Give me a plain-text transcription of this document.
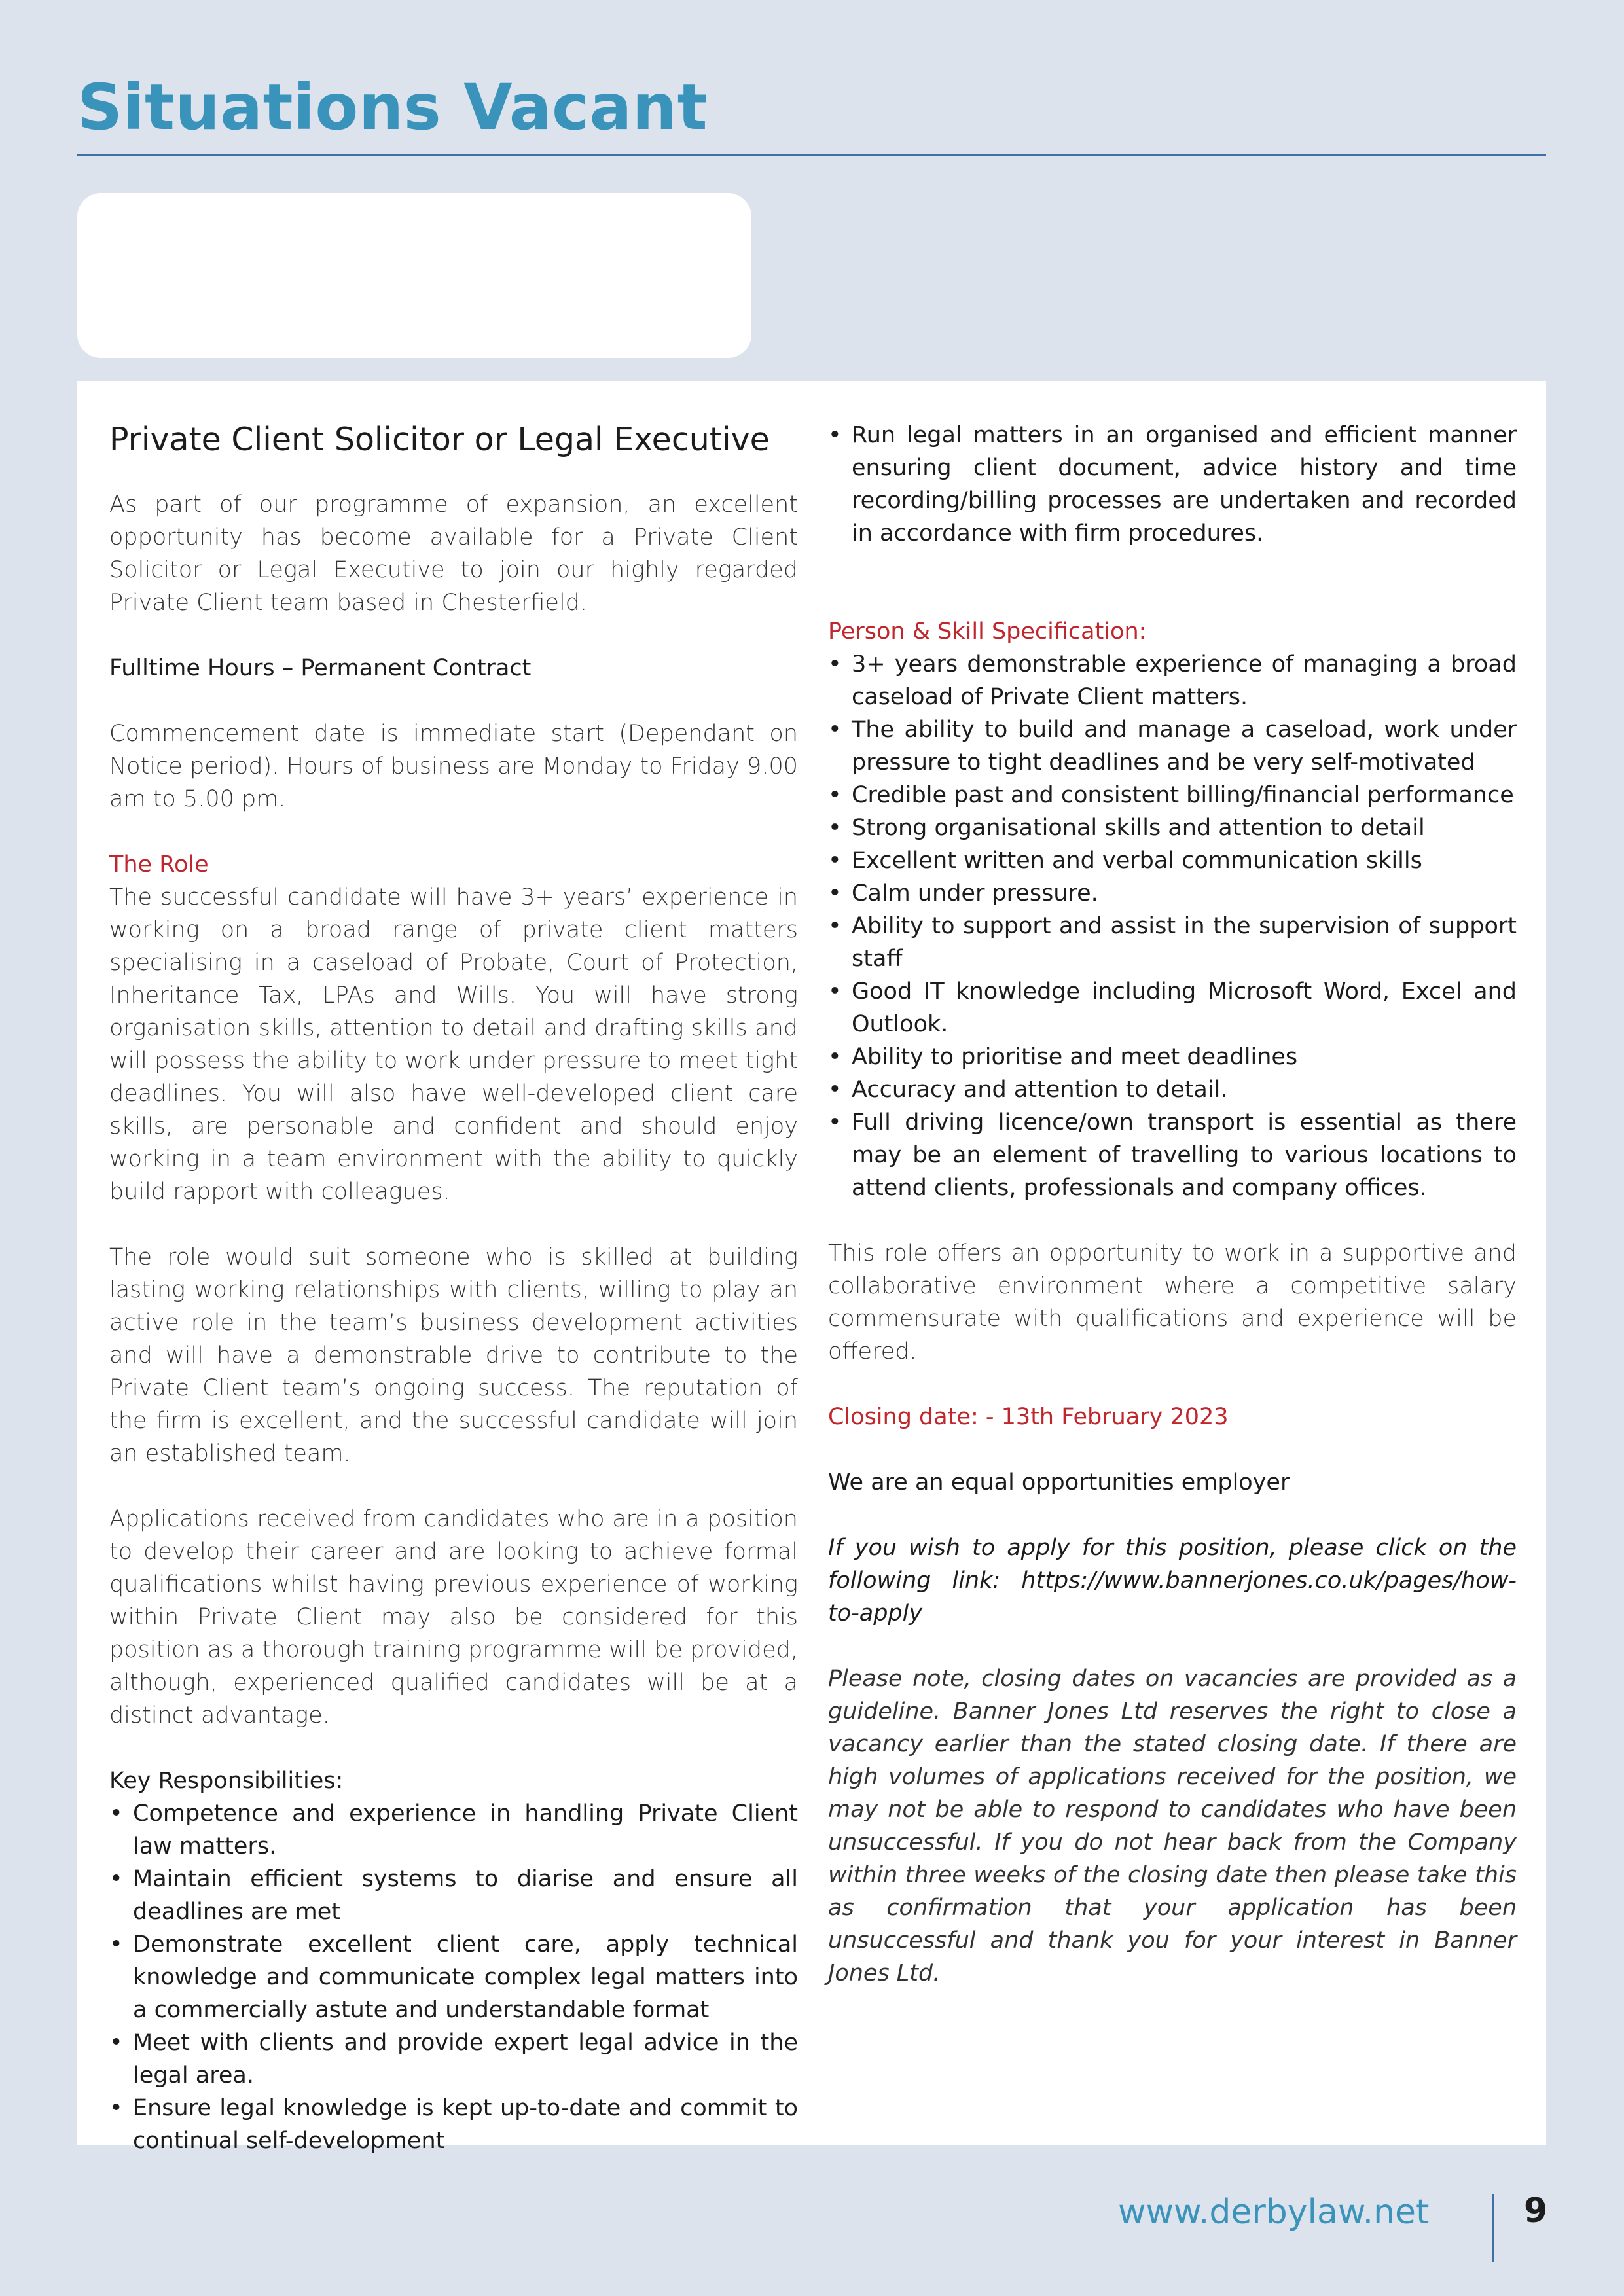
Situations Vacant
Private Client Solicitor or Legal Executive

As part of our programme of expansion, an excellent opportunity has become available for a Private Client Solicitor or Legal Executive to join our highly regarded Private Client team based in Chesterfield.

Fulltime Hours – Permanent Contract

Commencement date is immediate start (Dependant on Notice period). Hours of business are Monday to Friday 9.00 am to 5.00 pm.

The Role

The successful candidate will have 3+ years’ experience in working on a broad range of private client matters specialising in a caseload of Probate, Court of Protection, Inheritance Tax, LPAs and Wills. You will have strong organisation skills, attention to detail and drafting skills and will possess the ability to work under pressure to meet tight deadlines. You will also have well-developed client care skills, are personable and confident and should enjoy working in a team environment with the ability to quickly build rapport with colleagues.

The role would suit someone who is skilled at building lasting working relationships with clients, willing to play an active role in the team’s business development activities and will have a demonstrable drive to contribute to the Private Client team’s ongoing success. The reputation of the firm is excellent, and the successful candidate will join an established team.

Applications received from candidates who are in a position to develop their career and are looking to achieve formal qualifications whilst having previous experience of working within Private Client may also be considered for this position as a thorough training programme will be provided, although, experienced qualified candidates will be at a distinct advantage.

Key Responsibilities:

• Competence and experience in handling Private Client law matters.
• Maintain efficient systems to diarise and ensure all deadlines are met
• Demonstrate excellent client care, apply technical knowledge and communicate complex legal matters into a commercially astute and understandable format
• Meet with clients and provide expert legal advice in the legal area.
• Ensure legal knowledge is kept up-to-date and commit to continual self-development
• Run legal matters in an organised and efficient manner ensuring client document, advice history and time recording/billing processes are undertaken and recorded in accordance with firm procedures.

Person & Skill Specification:

• 3+ years demonstrable experience of managing a broad caseload of Private Client matters.
• The ability to build and manage a caseload, work under pressure to tight deadlines and be very self-motivated
• Credible past and consistent billing/financial performance
• Strong organisational skills and attention to detail
• Excellent written and verbal communication skills
• Calm under pressure.
• Ability to support and assist in the supervision of support staff
• Good IT knowledge including Microsoft Word, Excel and Outlook.
• Ability to prioritise and meet deadlines
• Accuracy and attention to detail.
• Full driving licence/own transport is essential as there may be an element of travelling to various locations to attend clients, professionals and company offices.

This role offers an opportunity to work in a supportive and collaborative environment where a competitive salary commensurate with qualifications and experience will be offered.

Closing date: - 13th February 2023

We are an equal opportunities employer

If you wish to apply for this position, please click on the following link: https://www.bannerjones.co.uk/pages/how-to-apply

Please note, closing dates on vacancies are provided as a guideline. Banner Jones Ltd reserves the right to close a vacancy earlier than the stated closing date. If there are high volumes of applications received for the position, we may not be able to respond to candidates who have been unsuccessful. If you do not hear back from the Company within three weeks of the closing date then please take this as confirmation that your application has been unsuccessful and thank you for your interest in Banner Jones Ltd.

www.derbylaw.net	9
